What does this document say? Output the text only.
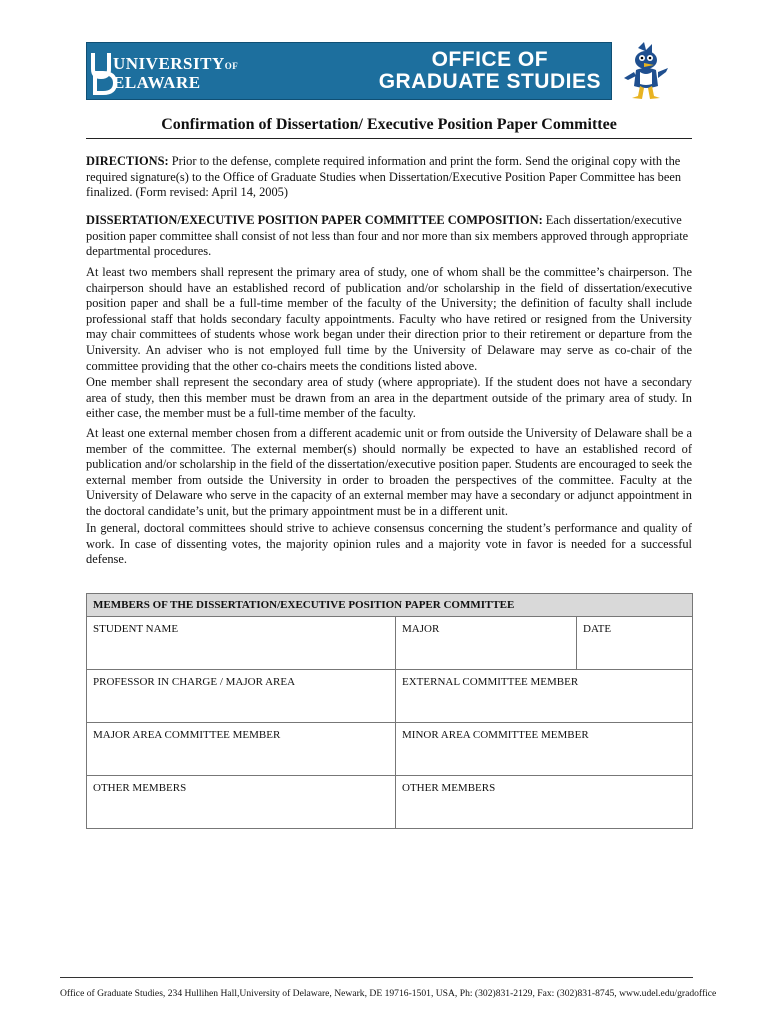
UNIVERSITYOF
ELAWARE
OFFICE OF
GRADUATE STUDIES
Confirmation of Dissertation/ Executive Position Paper Committee

DIRECTIONS: Prior to the defense, complete required information and print the form. Send the original copy with the required signature(s) to the Office of Graduate Studies when Dissertation/Executive Position Paper Committee has been finalized. (Form revised: April 14, 2005)

DISSERTATION/EXECUTIVE POSITION PAPER COMMITTEE COMPOSITION: Each dissertation/executive position paper committee shall consist of not less than four and nor more than six members approved through appropriate departmental procedures.

At least two members shall represent the primary area of study, one of whom shall be the committee’s chairperson. The chairperson should have an established record of publication and/or scholarship in the field of dissertation/executive position paper and shall be a full-time member of the faculty of the University; the definition of faculty shall include professional staff that holds secondary faculty appointments. Faculty who have retired or resigned from the University may chair committees of students whose work began under their direction prior to their retirement or departure from the University. An adviser who is not employed full time by the University of Delaware may serve as co-chair of the committee providing that the other co-chairs meets the conditions listed above.

One member shall represent the secondary area of study (where appropriate). If the student does not have a secondary area of study, then this member must be drawn from an area in the department outside of the primary area of study. In either case, the member must be a full-time member of the faculty.

At least one external member chosen from a different academic unit or from outside the University of Delaware shall be a member of the committee. The external member(s) should normally be expected to have an established record of publication and/or scholarship in the field of the dissertation/executive position paper. Students are encouraged to seek the external member from outside the University in order to broaden the perspectives of the committee. Faculty at the University of Delaware who serve in the capacity of an external member may have a secondary or adjunct appointment in the doctoral candidate’s unit, but the primary appointment must be in a different unit.

In general, doctoral committees should strive to achieve consensus concerning the student’s performance and quality of work. In case of dissenting votes, the majority opinion rules and a majority vote in favor is needed for a successful defense.

MEMBERS OF THE DISSERTATION/EXECUTIVE POSITION PAPER COMMITTEE		
STUDENT NAME	MAJOR	DATE
PROFESSOR IN CHARGE / MAJOR AREA	EXTERNAL COMMITTEE MEMBER	
MAJOR AREA COMMITTEE MEMBER	MINOR AREA COMMITTEE MEMBER	
OTHER MEMBERS	OTHER MEMBERS	
Office of Graduate Studies, 234 Hullihen Hall,University of Delaware, Newark, DE 19716-1501, USA, Ph: (302)831-2129, Fax: (302)831-8745, www.udel.edu/gradoffice
